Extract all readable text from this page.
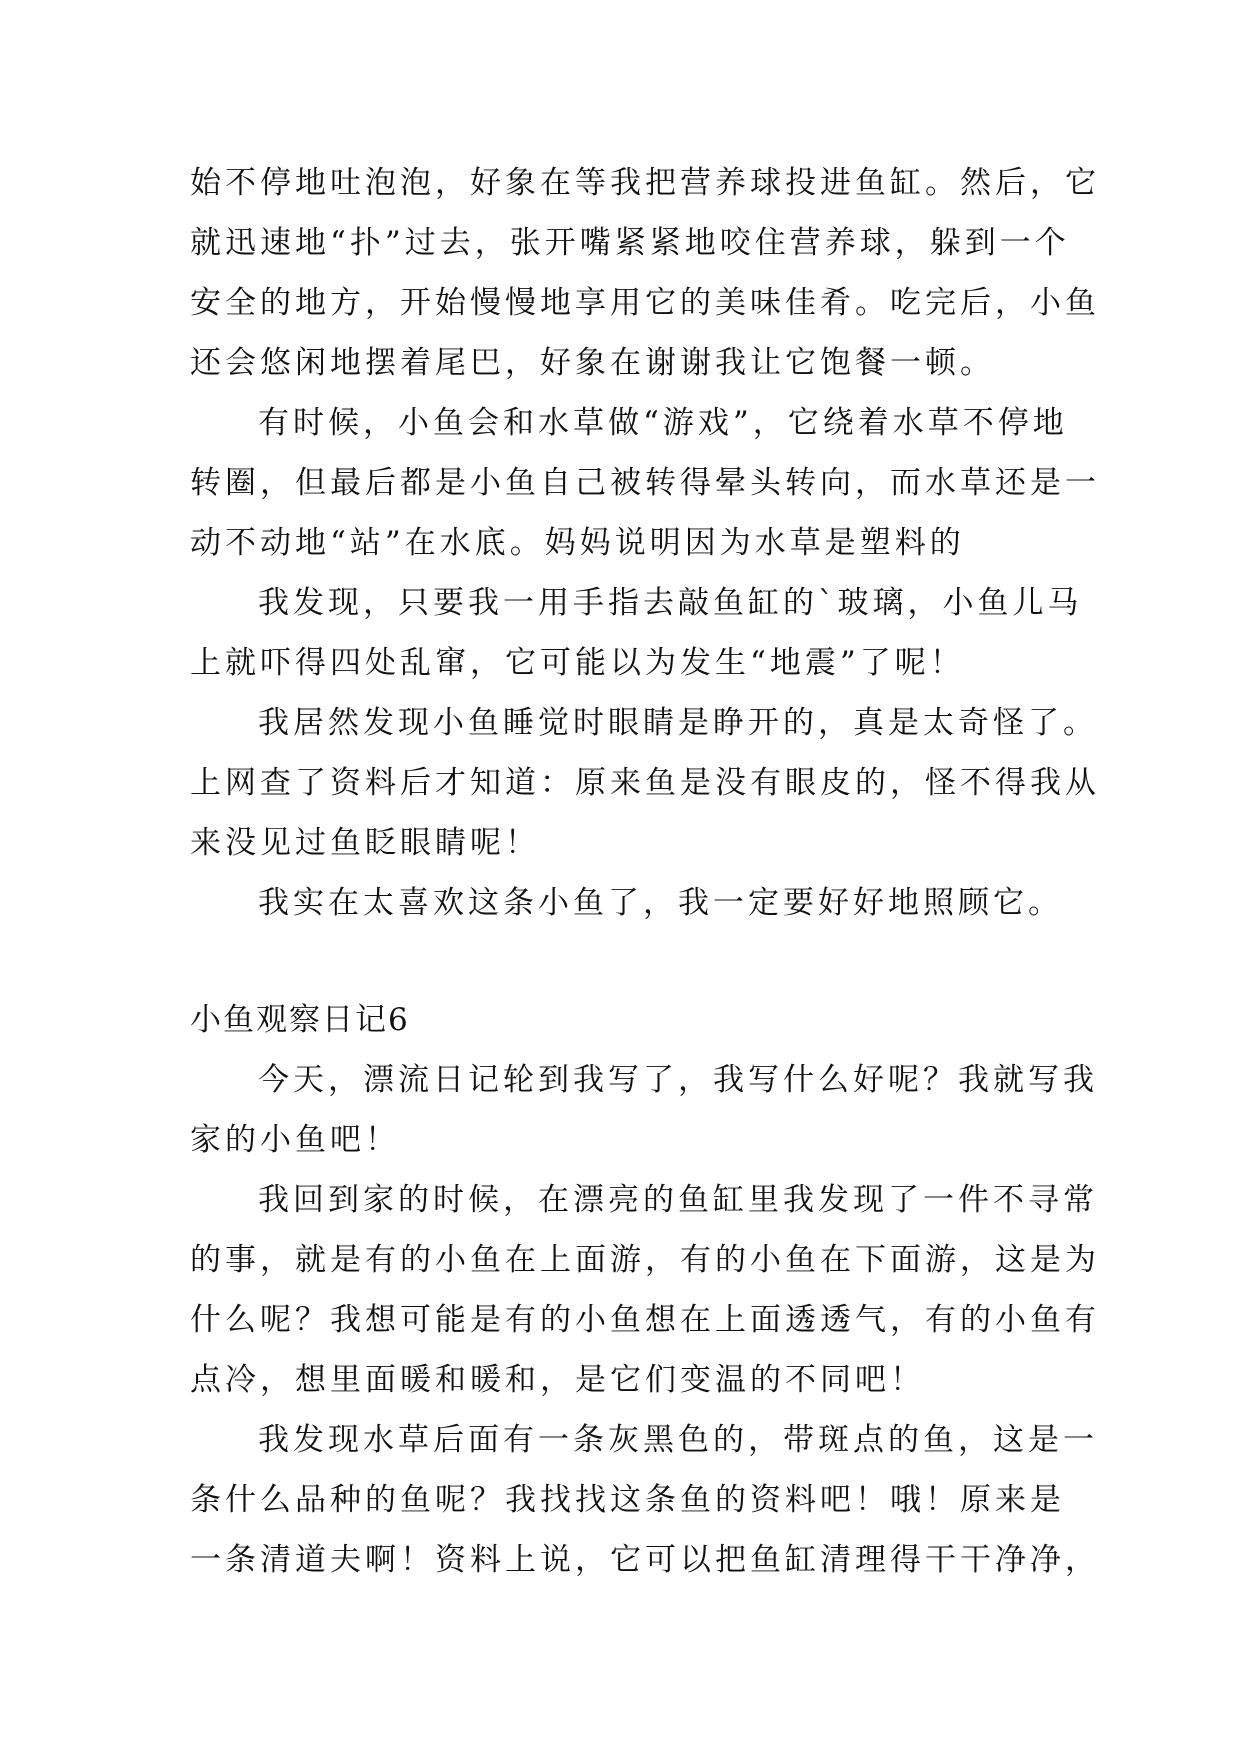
始不停地吐泡泡，好象在等我把营养球投进鱼缸。然后，它
就迅速地“扑”过去，张开嘴紧紧地咬住营养球，躲到一个
安全的地方，开始慢慢地享用它的美味佳肴。吃完后，小鱼
还会悠闲地摆着尾巴，好象在谢谢我让它饱餐一顿。
有时候，小鱼会和水草做“游戏”，它绕着水草不停地
转圈，但最后都是小鱼自己被转得晕头转向，而水草还是一
动不动地“站”在水底。妈妈说明因为水草是塑料的
我发现，只要我一用手指去敲鱼缸的`玻璃，小鱼儿马
上就吓得四处乱窜，它可能以为发生“地震”了呢！
我居然发现小鱼睡觉时眼睛是睁开的，真是太奇怪了。
上网查了资料后才知道：原来鱼是没有眼皮的，怪不得我从
来没见过鱼眨眼睛呢！
我实在太喜欢这条小鱼了，我一定要好好地照顾它。
小鱼观察日记6
今天，漂流日记轮到我写了，我写什么好呢？我就写我
家的小鱼吧！
我回到家的时候，在漂亮的鱼缸里我发现了一件不寻常
的事，就是有的小鱼在上面游，有的小鱼在下面游，这是为
什么呢？我想可能是有的小鱼想在上面透透气，有的小鱼有
点冷，想里面暖和暖和，是它们变温的不同吧！
我发现水草后面有一条灰黑色的，带斑点的鱼，这是一
条什么品种的鱼呢？我找找这条鱼的资料吧！哦！原来是
一条清道夫啊！资料上说，它可以把鱼缸清理得干干净净，
